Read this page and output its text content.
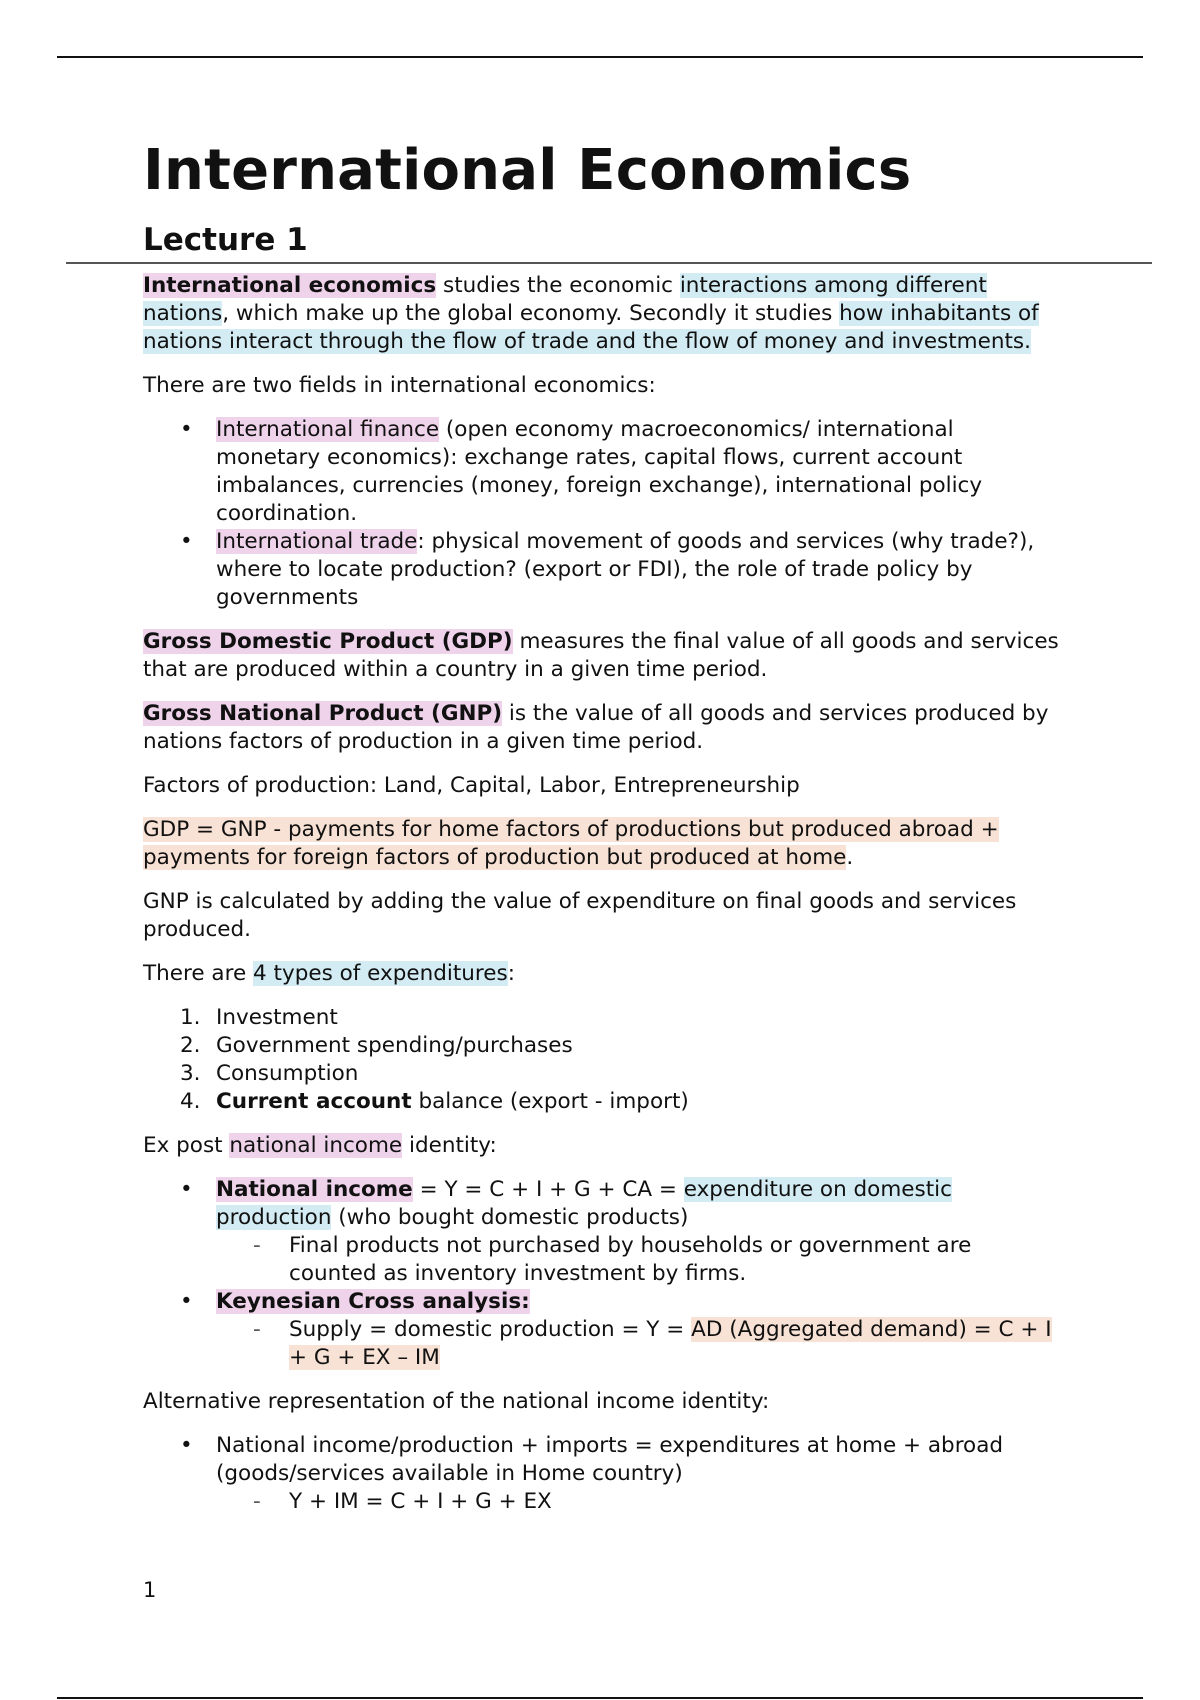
International Economics
Lecture 1

International economics studies the economic interactions among different nations, which make up the global economy. Secondly it studies how inhabitants of nations interact through the flow of trade and the flow of money and investments.

There are two fields in international economics:

• International finance (open economy macroeconomics/ international monetary economics): exchange rates, capital flows, current account imbalances, currencies (money, foreign exchange), international policy coordination.
• International trade: physical movement of goods and services (why trade?), where to locate production? (export or FDI), the role of trade policy by governments

Gross Domestic Product (GDP) measures the final value of all goods and services that are produced within a country in a given time period.

Gross National Product (GNP) is the value of all goods and services produced by nations factors of production in a given time period.

Factors of production: Land, Capital, Labor, Entrepreneurship

GDP = GNP - payments for home factors of productions but produced abroad + payments for foreign factors of production but produced at home.

GNP is calculated by adding the value of expenditure on final goods and services produced.

There are 4 types of expenditures:

1. Investment
2. Government spending/purchases
3. Consumption
4. Current account balance (export - import)

Ex post national income identity:

• National income = Y = C + I + G + CA = expenditure on domestic production (who bought domestic products)
- Final products not purchased by households or government are counted as inventory investment by firms.
• Keynesian Cross analysis:
- Supply = domestic production = Y = AD (Aggregated demand) = C + I + G + EX – IM

Alternative representation of the national income identity:

• National income/production + imports = expenditures at home + abroad (goods/services available in Home country)
- Y + IM = C + I + G + EX
1
